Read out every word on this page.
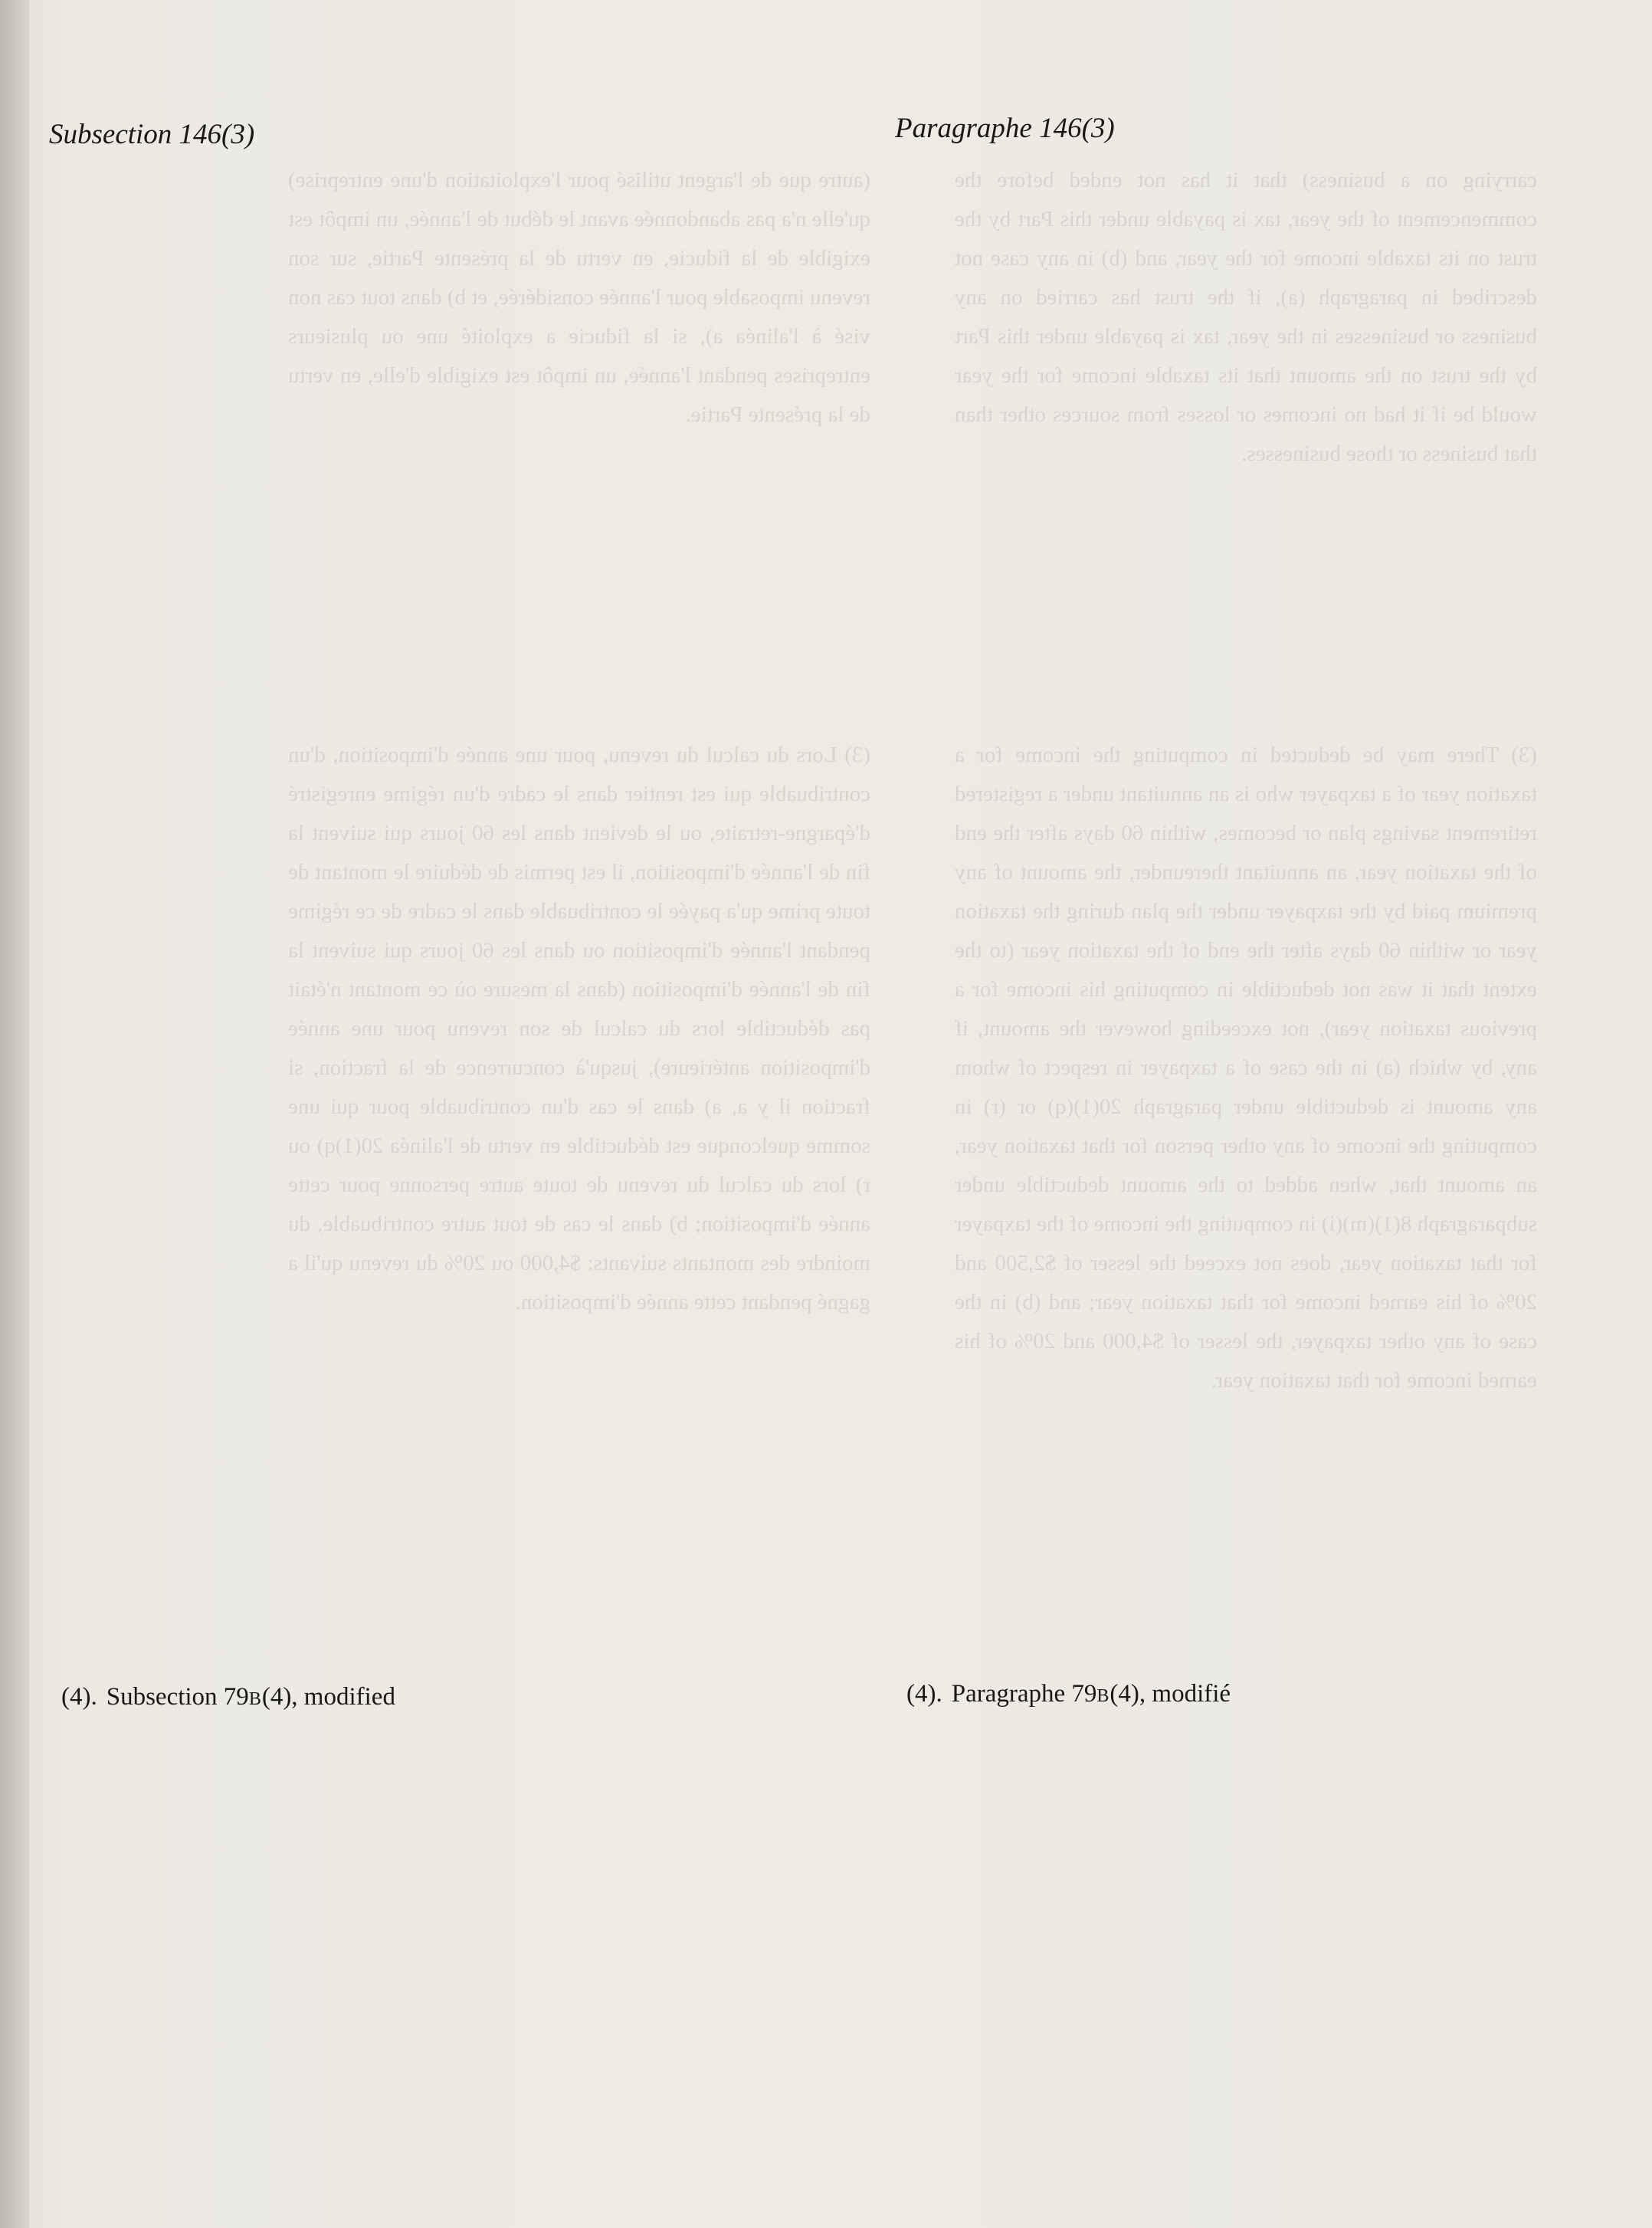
carrying on a business) that it has not ended before the commencement of the year, tax is payable under this Part by the trust on its taxable income for the year, and (b) in any case not described in paragraph (a), if the trust has carried on any business or businesses in the year, tax is payable under this Part by the trust on the amount that its taxable income for the year would be if it had no incomes or losses from sources other than that business or those businesses.
(autre que de l'argent utilisé pour l'exploitation d'une entreprise) qu'elle n'a pas abandonnée avant le début de l'année, un impôt est exigible de la fiducie, en vertu de la présente Partie, sur son revenu imposable pour l'année considérée, et b) dans tout cas non visé à l'alinéa a), si la fiducie a exploité une ou plusieurs entreprises pendant l'année, un impôt est exigible d'elle, en vertu de la présente Partie.
(3) There may be deducted in computing the income for a taxation year of a taxpayer who is an annuitant under a registered retirement savings plan or becomes, within 60 days after the end of the taxation year, an annuitant thereunder, the amount of any premium paid by the taxpayer under the plan during the taxation year or within 60 days after the end of the taxation year (to the extent that it was not deductible in computing his income for a previous taxation year), not exceeding however the amount, if any, by which (a) in the case of a taxpayer in respect of whom any amount is deductible under paragraph 20(1)(q) or (r) in computing the income of any other person for that taxation year, an amount that, when added to the amount deductible under subparagraph 8(1)(m)(i) in computing the income of the taxpayer for that taxation year, does not exceed the lesser of $2,500 and 20% of his earned income for that taxation year; and (b) in the case of any other taxpayer, the lesser of $4,000 and 20% of his earned income for that taxation year.
(3) Lors du calcul du revenu, pour une année d'imposition, d'un contribuable qui est rentier dans le cadre d'un régime enregistré d'épargne-retraite, ou le devient dans les 60 jours qui suivent la fin de l'année d'imposition, il est permis de déduire le montant de toute prime qu'a payée le contribuable dans le cadre de ce régime pendant l'année d'imposition ou dans les 60 jours qui suivent la fin de l'année d'imposition (dans la mesure où ce montant n'était pas déductible lors du calcul de son revenu pour une année d'imposition antérieure), jusqu'à concurrence de la fraction, si fraction il y a, a) dans le cas d'un contribuable pour qui une somme quelconque est déductible en vertu de l'alinéa 20(1)q) ou r) lors du calcul du revenu de toute autre personne pour cette année d'imposition; b) dans le cas de tout autre contribuable, du moindre des montants suivants: $4,000 ou 20% du revenu qu'il a gagné pendant cette année d'imposition.
Subsection 146(3)	Paragraphe 146(3)
(4). Subsection 79B(4), modified	(4). Paragraphe 79B(4), modifié
